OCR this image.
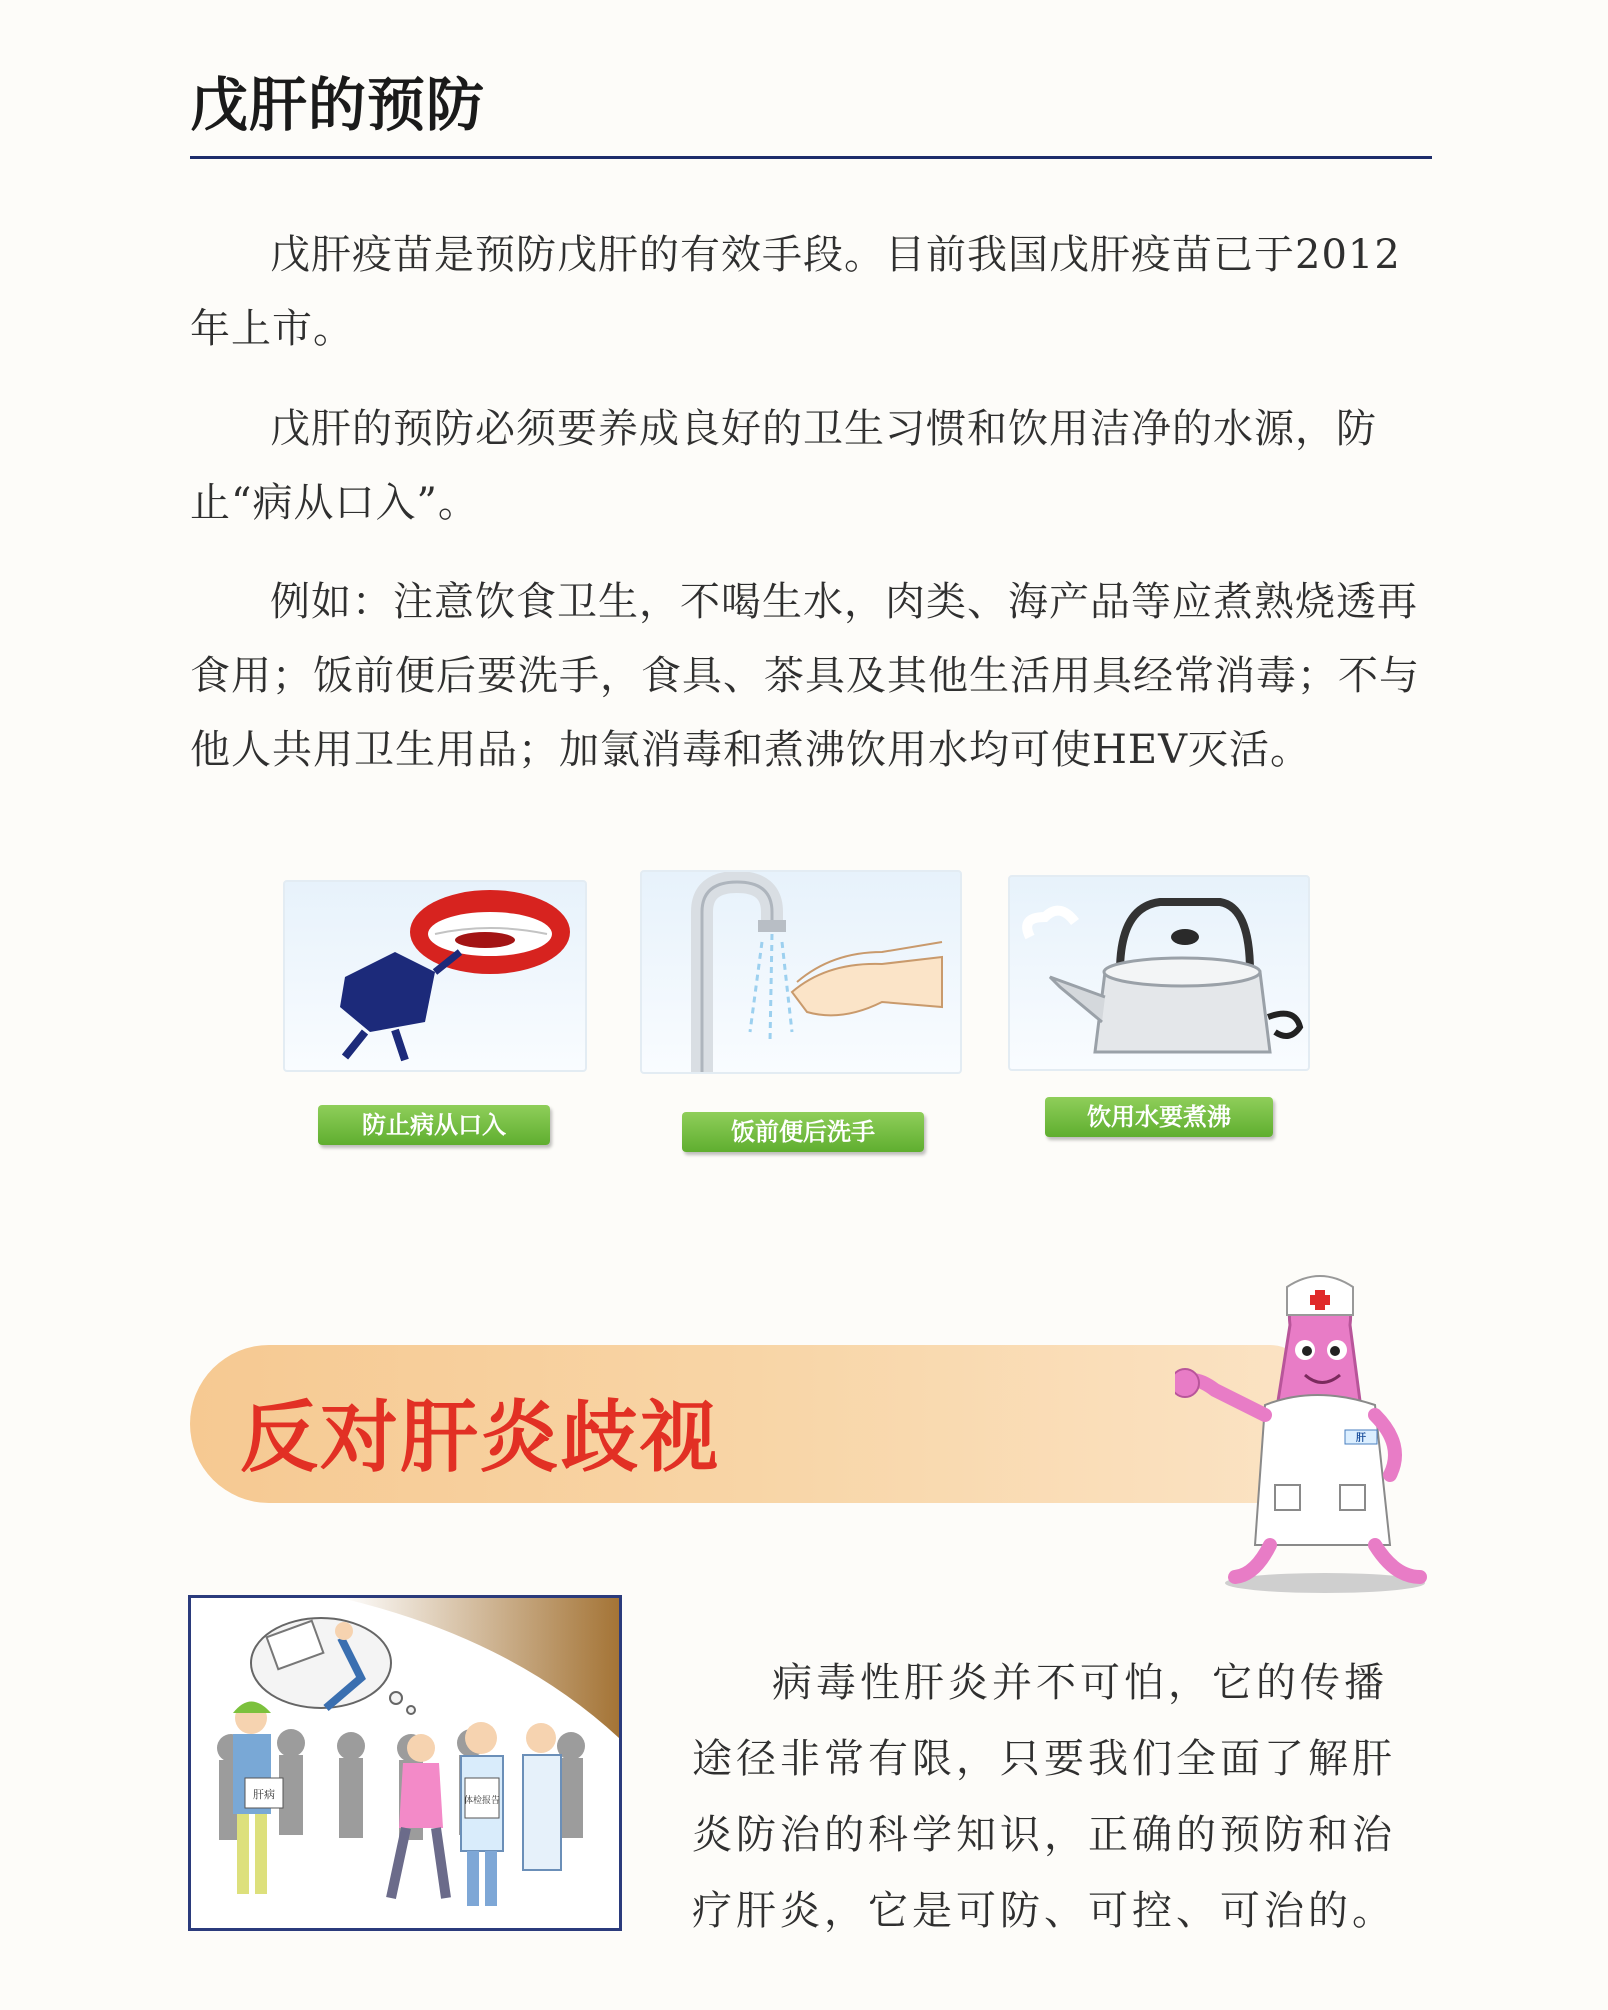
戊肝的预防

戊肝疫苗是预防戊肝的有效手段。目前我国戊肝疫苗已于2012年上市。

戊肝的预防必须要养成良好的卫生习惯和饮用洁净的水源，防止“病从口入”。

例如：注意饮食卫生，不喝生水，肉类、海产品等应煮熟烧透再食用；饭前便后要洗手，食具、茶具及其他生活用具经常消毒；不与他人共用卫生用品；加氯消毒和煮沸饮用水均可使HEV灭活。

防止病从口入	饭前便后洗手
饮用水要煮沸
反对肝炎歧视	肝
肝病	体检报告

病毒性肝炎并不可怕，它的传播途径非常有限，只要我们全面了解肝炎防治的科学知识，正确的预防和治疗肝炎，它是可防、可控、可治的。
